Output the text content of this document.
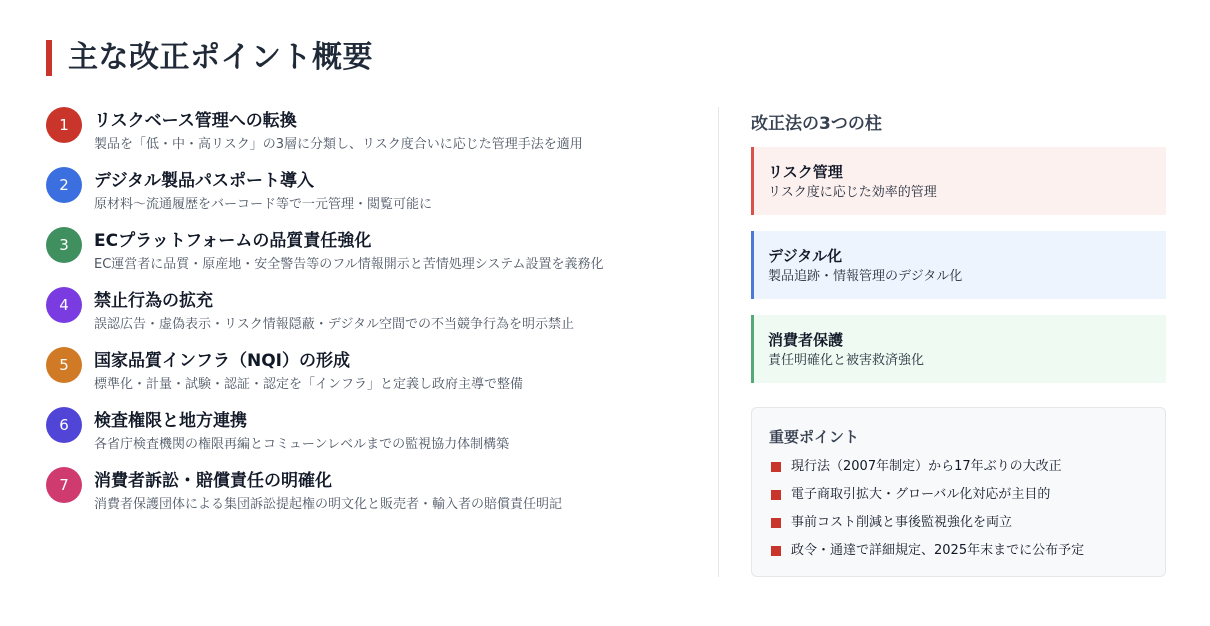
主な改正ポイント概要
1	リスクベース管理への転換
製品を「低・中・高リスク」の3層に分類し、リスク度合いに応じた管理手法を適用
2	デジタル製品パスポート導入
原材料〜流通履歴をバーコード等で一元管理・閲覧可能に
3	ECプラットフォームの品質責任強化
EC運営者に品質・原産地・安全警告等のフル情報開示と苦情処理システム設置を義務化
4	禁止行為の拡充
誤認広告・虚偽表示・リスク情報隠蔽・デジタル空間での不当競争行為を明示禁止
5	国家品質インフラ（NQI）の形成
標準化・計量・試験・認証・認定を「インフラ」と定義し政府主導で整備
6	検査権限と地方連携
各省庁検査機関の権限再編とコミューンレベルまでの監視協力体制構築
7	消費者訴訟・賠償責任の明確化
消費者保護団体による集団訴訟提起権の明文化と販売者・輸入者の賠償責任明記
改正法の3つの柱
リスク管理
リスク度に応じた効率的管理
デジタル化
製品追跡・情報管理のデジタル化
消費者保護
責任明確化と被害救済強化
重要ポイント
現行法（2007年制定）から17年ぶりの大改正
電子商取引拡大・グローバル化対応が主目的
事前コスト削減と事後監視強化を両立
政令・通達で詳細規定、2025年末までに公布予定
